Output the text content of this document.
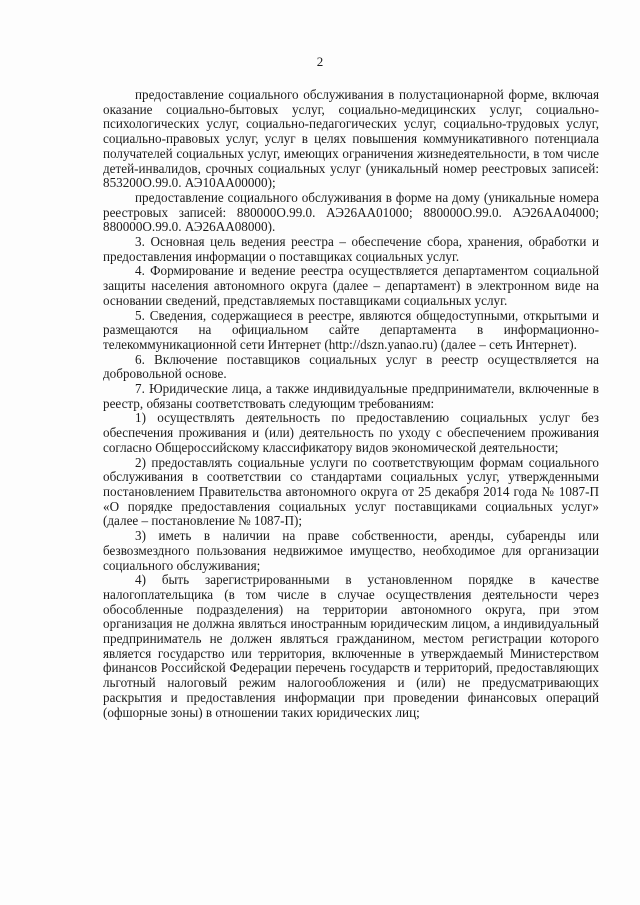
2

предоставление социального обслуживания в полустационарной форме, включая оказание социально-бытовых услуг, социально-медицинских услуг, социально-психологических услуг, социально-педагогических услуг, социально-трудовых услуг, социально-правовых услуг, услуг в целях повышения коммуникативного потенциала получателей социальных услуг, имеющих ограничения жизнедеятельности, в том числе детей-инвалидов, срочных социальных услуг (уникальный номер реестровых записей: 853200О.99.0. АЭ10АА00000);

предоставление социального обслуживания в форме на дому (уникальные номера реестровых записей: 880000О.99.0. АЭ26АА01000; 880000О.99.0. АЭ26АА04000; 880000О.99.0. АЭ26АА08000).

3. Основная цель ведения реестра – обеспечение сбора, хранения, обработки и предоставления информации о поставщиках социальных услуг.

4. Формирование и ведение реестра осуществляется департаментом социальной защиты населения автономного округа (далее – департамент) в электронном виде на основании сведений, представляемых поставщиками социальных услуг.

5. Сведения, содержащиеся в реестре, являются общедоступными, открытыми и размещаются на официальном сайте департамента в информационно-телекоммуникационной сети Интернет (http://dszn.yanao.ru) (далее – сеть Интернет).

6. Включение поставщиков социальных услуг в реестр осуществляется на добровольной основе.

7. Юридические лица, а также индивидуальные предприниматели, включенные в реестр, обязаны соответствовать следующим требованиям:

1) осуществлять деятельность по предоставлению социальных услуг без обеспечения проживания и (или) деятельность по уходу с обеспечением проживания согласно Общероссийскому классификатору видов экономической деятельности;

2) предоставлять социальные услуги по соответствующим формам социального обслуживания в соответствии со стандартами социальных услуг, утвержденными постановлением Правительства автономного округа от 25 декабря 2014 года № 1087-П «О порядке предоставления социальных услуг поставщиками социальных услуг» (далее – постановление № 1087-П);

3) иметь в наличии на праве собственности, аренды, субаренды или безвозмездного пользования недвижимое имущество, необходимое для организации социального обслуживания;

4) быть зарегистрированными в установленном порядке в качестве налогоплательщика (в том числе в случае осуществления деятельности через обособленные подразделения) на территории автономного округа, при этом организация не должна являться иностранным юридическим лицом, а индивидуальный предприниматель не должен являться гражданином, местом регистрации которого является государство или территория, включенные в утверждаемый Министерством финансов Российской Федерации перечень государств и территорий, предоставляющих льготный налоговый режим налогообложения и (или) не предусматривающих раскрытия и предоставления информации при проведении финансовых операций (офшорные зоны) в отношении таких юридических лиц;
